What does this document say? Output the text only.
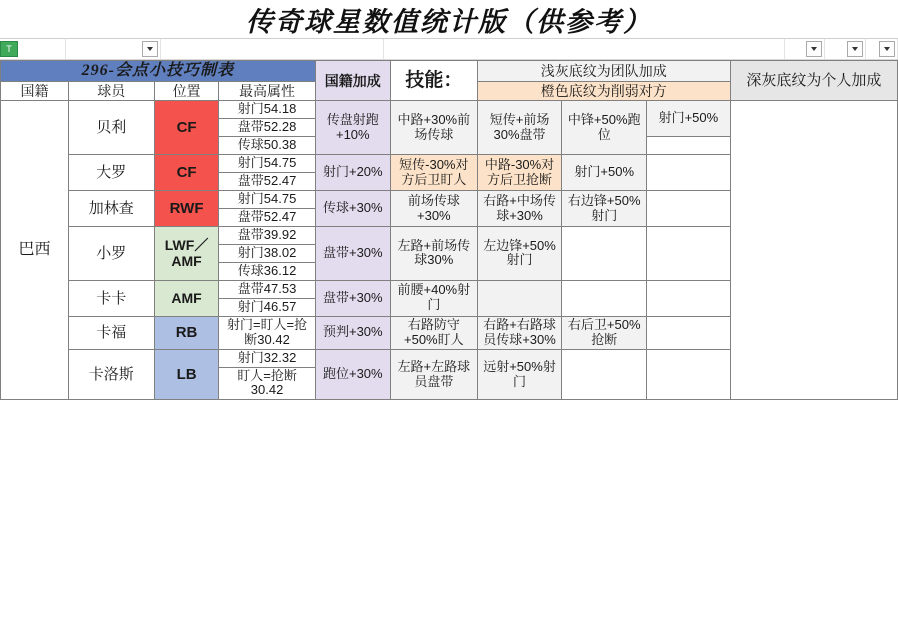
传奇球星数值统计版（供参考）
T
296-会点小技巧制表				国籍加成	技能：	浅灰底纹为团队加成			深灰底纹为个人加成
国籍	球员	位置	最高属性			橙色底纹为削弱对方			
巴西	贝利	CF	射门54.18	传盘射跑+10%	中路+30%前场传球	短传+前场30%盘带	中锋+50%跑位	射门+50%	
			盘带52.28						
			传球50.38						
	大罗	CF	射门54.75	射门+20%	短传-30%对方后卫盯人	中路-30%对方后卫抢断	射门+50%		
			盘带52.47						
	加林查	RWF	射门54.75	传球+30%	前场传球+30%	右路+中场传球+30%	右边锋+50%射门		
			盘带52.47						
	小罗	LWF／AMF	盘带39.92	盘带+30%	左路+前场传球30%	左边锋+50%射门			
			射门38.02						
			传球36.12						
	卡卡	AMF	盘带47.53	盘带+30%	前腰+40%射门				
			射门46.57						
	卡福	RB	射门=盯人=抢断30.42	预判+30%	右路防守+50%盯人	右路+右路球员传球+30%	右后卫+50%抢断		

	卡洛斯	LB	射门32.32	跑位+30%	左路+左路球员盘带	远射+50%射门			
			盯人=抢断30.42						
